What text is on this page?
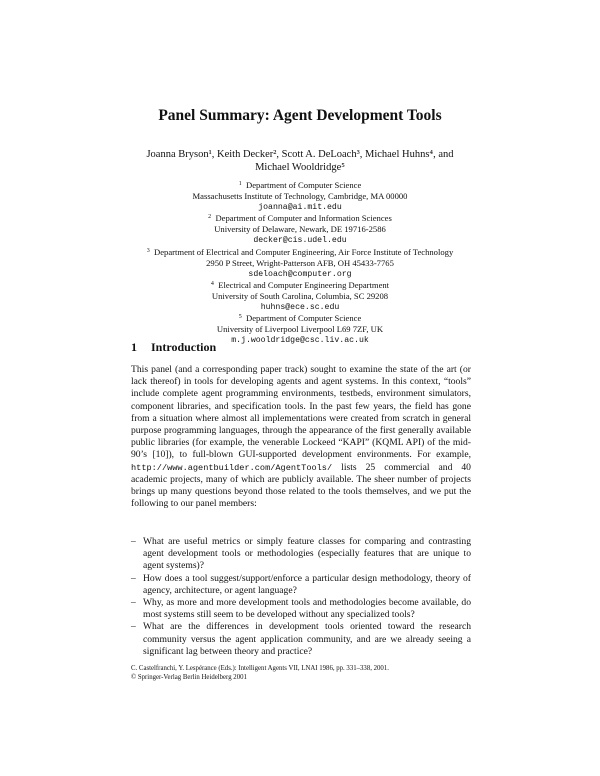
Panel Summary: Agent Development Tools
Joanna Bryson¹, Keith Decker², Scott A. DeLoach³, Michael Huhns⁴, and
Michael Wooldridge⁵
$^1$ Department of Computer Science
Massachusetts Institute of Technology, Cambridge, MA 00000
joanna@ai.mit.edu
$^2$ Department of Computer and Information Sciences
University of Delaware, Newark, DE 19716-2586
decker@cis.udel.edu
$^3$ Department of Electrical and Computer Engineering, Air Force Institute of Technology
2950 P Street, Wright-Patterson AFB, OH 45433-7765
sdeloach@computer.org
$^4$ Electrical and Computer Engineering Department
University of South Carolina, Columbia, SC 29208
huhns@ece.sc.edu
$^5$ Department of Computer Science
University of Liverpool Liverpool L69 7ZF, UK
m.j.wooldridge@csc.liv.ac.uk
1 Introduction
This panel (and a corresponding paper track) sought to examine the state of the art (or lack thereof) in tools for developing agents and agent systems. In this context, “tools” include complete agent programming environments, testbeds, environment simulators, component libraries, and specification tools. In the past few years, the field has gone from a situation where almost all implementations were created from scratch in general purpose programming languages, through the appearance of the first generally available public libraries (for example, the venerable Lockeed “KAPI” (KQML API) of the mid-90’s [10]), to full-blown GUI-supported development environments. For example, http://www.agentbuilder.com/AgentTools/ lists 25 commercial and 40 academic projects, many of which are publicly available. The sheer number of projects brings up many questions beyond those related to the tools themselves, and we put the following to our panel members:
– What are useful metrics or simply feature classes for comparing and contrasting agent development tools or methodologies (especially features that are unique to agent systems)?
– How does a tool suggest/support/enforce a particular design methodology, theory of agency, architecture, or agent language?
– Why, as more and more development tools and methodologies become available, do most systems still seem to be developed without any specialized tools?
– What are the differences in development tools oriented toward the research community versus the agent application community, and are we already seeing a significant lag between theory and practice?
C. Castelfranchi, Y. Lespérance (Eds.): Intelligent Agents VII, LNAI 1986, pp. 331–338, 2001.
© Springer-Verlag Berlin Heidelberg 2001
